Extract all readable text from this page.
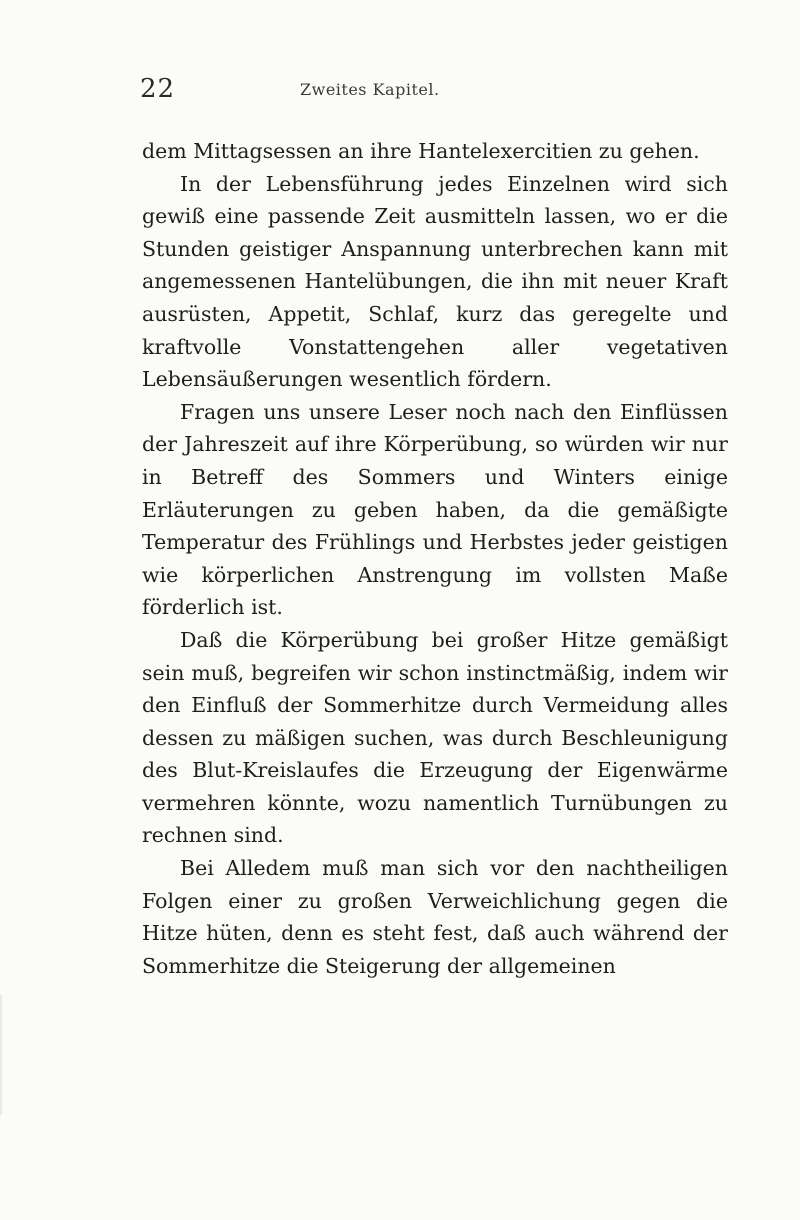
22	Zweites Kapitel.

dem Mittagsessen an ihre Hantelexercitien zu gehen.

In der Lebensführung jedes Einzelnen wird sich gewiß eine passende Zeit ausmitteln lassen, wo er die Stunden geistiger Anspannung unterbrechen kann mit angemessenen Hantelübungen, die ihn mit neuer Kraft ausrüsten, Appetit, Schlaf, kurz das geregelte und kraftvolle Vonstattengehen aller vegetativen Lebensäußerungen wesentlich fördern.

Fragen uns unsere Leser noch nach den Einflüssen der Jahreszeit auf ihre Körperübung, so würden wir nur in Betreff des Sommers und Winters einige Erläuterungen zu geben haben, da die gemäßigte Temperatur des Frühlings und Herbstes jeder geistigen wie körperlichen Anstrengung im vollsten Maße förderlich ist.

Daß die Körperübung bei großer Hitze gemäßigt sein muß, begreifen wir schon instinctmäßig, indem wir den Einfluß der Sommerhitze durch Vermeidung alles dessen zu mäßigen suchen, was durch Beschleunigung des Blut-Kreislaufes die Erzeugung der Eigenwärme vermehren könnte, wozu namentlich Turnübungen zu rechnen sind.

Bei Alledem muß man sich vor den nachtheiligen Folgen einer zu großen Verweichlichung gegen die Hitze hüten, denn es steht fest, daß auch während der Sommerhitze die Steigerung der allgemeinen
